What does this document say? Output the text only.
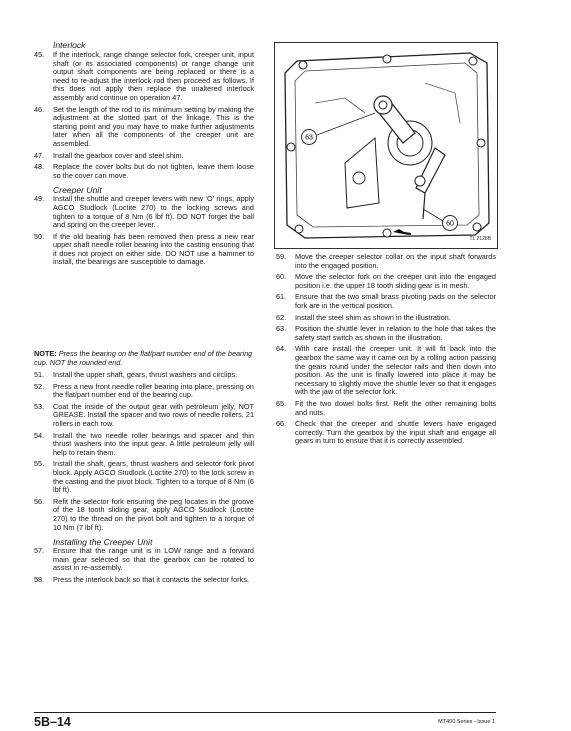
Interlock
45. If the interlock, range change selector fork, creeper unit, input shaft (or its associated components) or range change unit output shaft components are being replaced or there is a need to re-adjust the interlock rod then proceed as follows. If this does not apply then replace the unaltered interlock assembly and continue on operation 47.
46. Set the length of the rod to its minimum setting by making the adjustment at the slotted part of the linkage. This is the starting point and you may have to make further adjustments later when all the components of the creeper unit are assembled.
47. Install the gearbox cover and steel shim.
48. Replace the cover bolts but do not tighten, leave them loose so the cover can move.
Creeper Unit
49. Install the shuttle and creeper levers with new ‘O’ rings, apply AGCO Studlock (Loctite 270) to the locking screws and tighten to a torque of 8 Nm (6 lbf ft). DO NOT forget the ball and spring on the creeper lever.
50. If the old bearing has been removed then press a new rear upper shaft needle roller bearing into the casting ensuring that it does not project on either side. DO NOT use a hammer to install, the bearings are susceptible to damage.
NOTE: Press the bearing on the flat/part number end of the bearing cup. NOT the rounded end.
51. Install the upper shaft, gears, thrust washers and circlips.
52. Press a new front needle roller bearing into place, pressing on the flat/part number end of the bearing cup.
53. Coat the inside of the output gear with petroleum jelly, NOT GREASE. Install the spacer and two rows of needle rollers, 21 rollers in each row.
54. Install the two needle roller bearings and spacer and thin thrust washers into the input gear. A little petroleum jelly will help to retain them.
55. Install the shaft, gears, thrust washers and selector fork pivot block. Apply AGCO Studlock (Loctite 270) to the lock screw in the casting and the pivot block. Tighten to a torque of 8 Nm (6 lbf ft).
56. Refit the selector fork ensuring the peg locates in the groove of the 18 tooth sliding gear, apply AGCO Studlock (Loctite 270) to the thread on the pivot bolt and tighten to a torque of 10 Nm (7 lbf ft).
Installing the Creeper Unit
57. Ensure that the range unit is in LOW range and a forward main gear selected so that the gearbox can be rotated to assist in re-assembly.
58. Press the interlock back so that it contacts the selector forks.
63
60
TL 2128B
59. Move the creeper selector collar on the input shaft forwards into the engaged position.
60. Move the selector fork on the creeper unit into the engaged position i.e. the upper 18 tooth sliding gear is in mesh.
61. Ensure that the two small brass pivoting pads on the selector fork are in the vertical position.
62. Install the steel shim as shown in the illustration.
63. Position the shuttle lever in relation to the hole that takes the safety start switch as shown in the illustration.
64. With care install the creeper unit. It will fit back into the gearbox the same way it came out by a rolling action passing the gears round under the selector rails and then down into position. As the unit is finally lowered into place it may be necessary to slightly move the shuttle lever so that it engages with the jaw of the selector fork.
65. Fit the two dowel bolts first. Refit the other remaining bolts and nuts.
66. Check that the creeper and shuttle levers have engaged correctly. Turn the gearbox by the input shaft and engage all gears in turn to ensure that it is correctly assembled.
5B–14	MT400 Series - Issue 1
